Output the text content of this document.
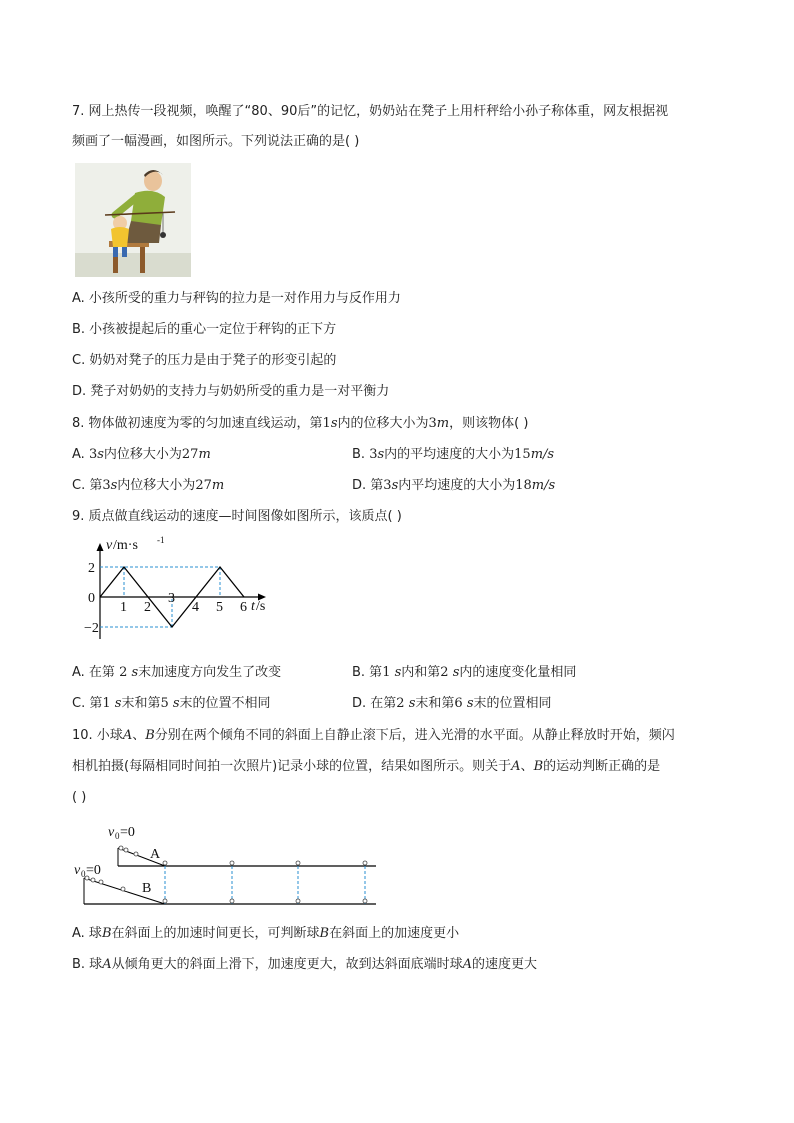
7. 网上热传一段视频，唤醒了“80、90后”的记忆，奶奶站在凳子上用杆秤给小孙子称体重，网友根据视
频画了一幅漫画，如图所示。下列说法正确的是( )
A. 小孩所受的重力与秤钩的拉力是一对作用力与反作用力
B. 小孩被提起后的重心一定位于秤钩的正下方
C. 奶奶对凳子的压力是由于凳子的形变引起的
D. 凳子对奶奶的支持力与奶奶所受的重力是一对平衡力
8. 物体做初速度为零的匀加速直线运动，第1s内的位移大小为3m，则该物体( )
A. 3s内位移大小为27m	B. 3s内的平均速度的大小为15m/s
C. 第3s内位移大小为27m	D. 第3s内平均速度的大小为18m/s
9. 质点做直线运动的速度—时间图像如图所示，该质点( )
v /m·s -1
t /s
1 2
3
4 5 6
2
0
−2
A. 在第 2 s末加速度方向发生了改变	B. 第1 s内和第2 s内的速度变化量相同
C. 第1 s末和第5 s末的位置不相同	D. 在第2 s末和第6 s末的位置相同
10. 小球A、B分别在两个倾角不同的斜面上自静止滚下后，进入光滑的水平面。从静止释放时开始，频闪
相机拍摄(每隔相同时间拍一次照片)记录小球的位置，结果如图所示。则关于A、B的运动判断正确的是
( )
A
B
v 0 =0
v 0 =0
A. 球B在斜面上的加速时间更长，可判断球B在斜面上的加速度更小
B. 球A从倾角更大的斜面上滑下，加速度更大，故到达斜面底端时球A的速度更大
